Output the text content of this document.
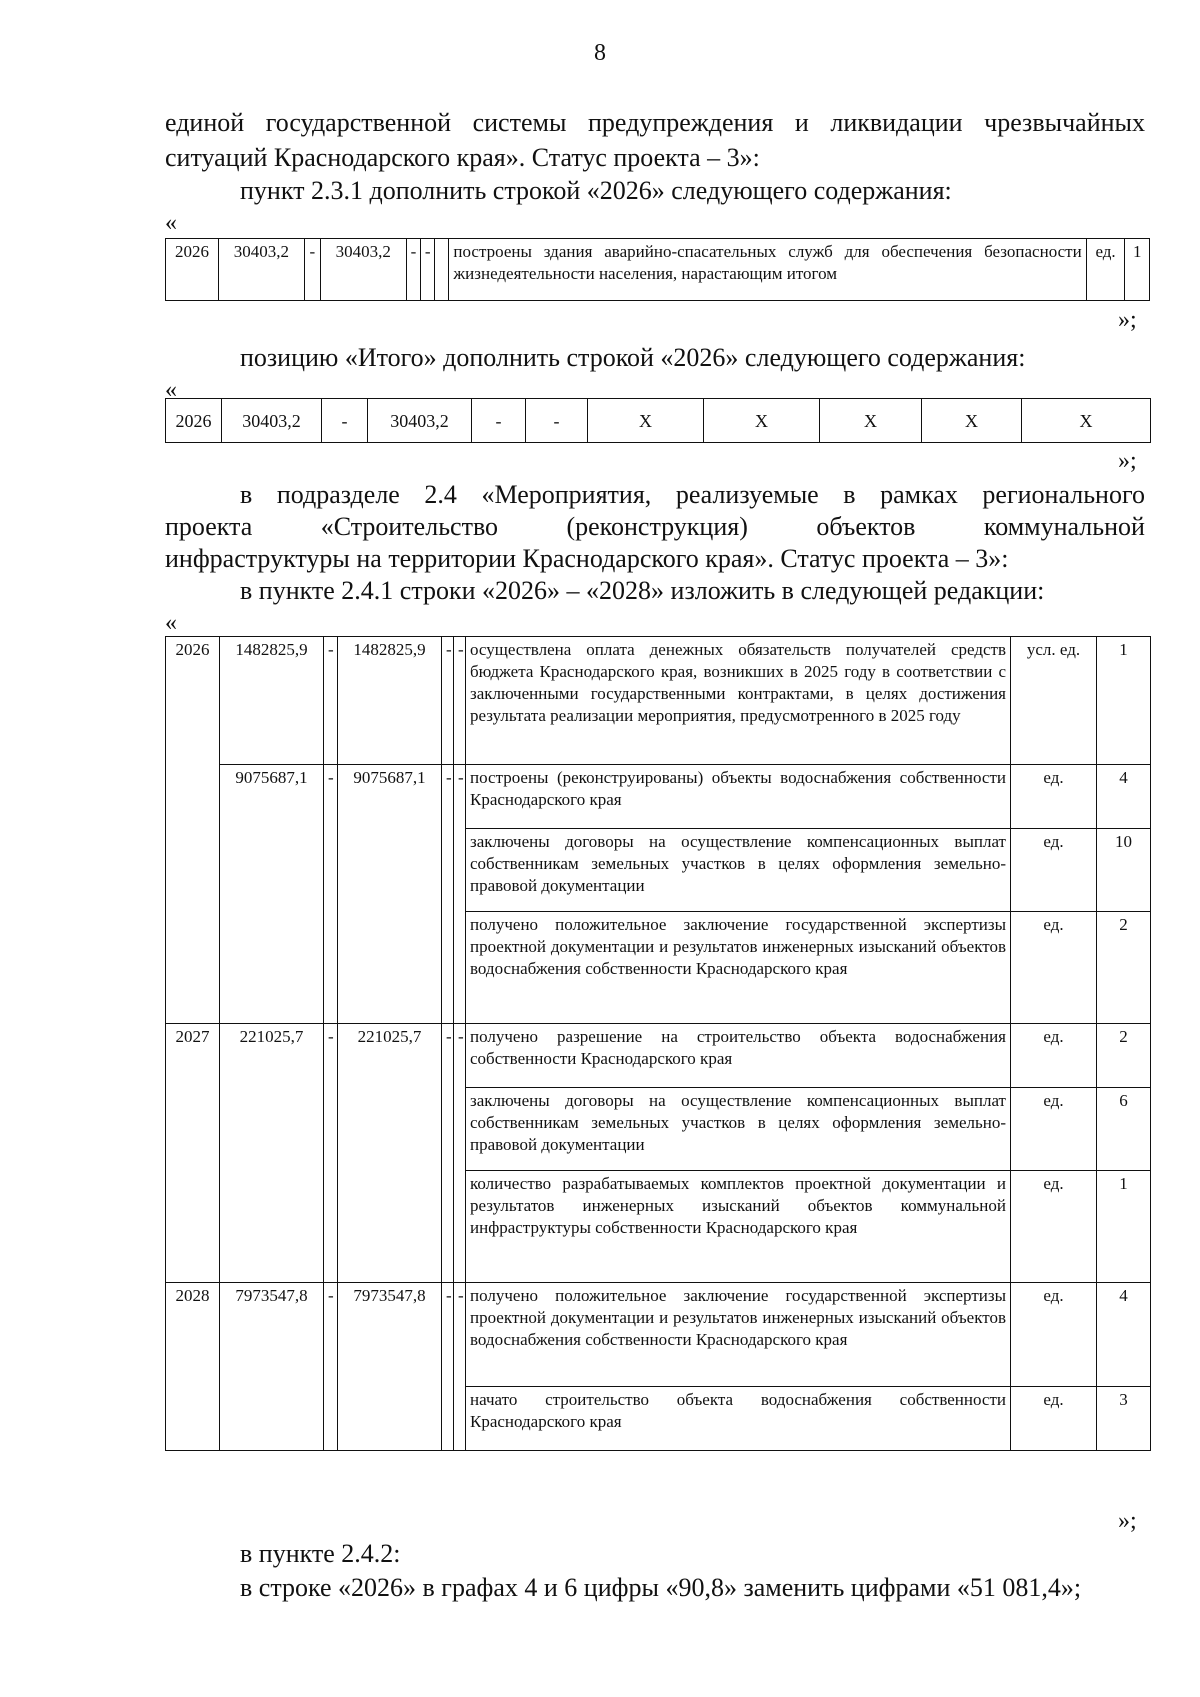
8
единой государственной системы предупреждения и ликвидации чрезвычайных
ситуаций Краснодарского края». Статус проекта – 3»:
пункт 2.3.1 дополнить строкой «2026» следующего содержания:
«
2026	30403,2	-	30403,2	-	-		построены здания аварийно-спасательных служб для обеспечения безопасности жизнедеятельности населения, нарастающим итогом	ед.	1
»;
позицию «Итого» дополнить строкой «2026» следующего содержания:
«
2026	30403,2	-	30403,2	-	-	X	X	X	X	X
»;
в подразделе 2.4 «Мероприятия, реализуемые в рамках регионального
проекта	«Строительство	(реконструкция)	объектов	коммунальной
инфраструктуры на территории Краснодарского края». Статус проекта – 3»:
в пункте 2.4.1 строки «2026» – «2028» изложить в следующей редакции:
«
2026	1482825,9	-	1482825,9	-	-	осуществлена оплата денежных обязательств получателей средств бюджета Краснодарского края, возникших в 2025 году в соответствии с заключенными государственными контрактами, в целях достижения результата реализации мероприятия, предусмотренного в 2025 году	усл. ед.	1
	9075687,1	-	9075687,1	-	-	построены (реконструированы) объекты водоснабжения собственности Краснодарского края	ед.	4
						заключены договоры на осуществление компенсационных выплат собственникам земельных участков в целях оформления земельно-правовой документации	ед.	10
						получено положительное заключение государственной экспертизы проектной документации и результатов инженерных изысканий объектов водоснабжения собственности Краснодарского края	ед.	2
2027	221025,7	-	221025,7	-	-	получено разрешение на строительство объекта водоснабжения собственности Краснодарского края	ед.	2
						заключены договоры на осуществление компенсационных выплат собственникам земельных участков в целях оформления земельно-правовой документации	ед.	6
						количество разрабатываемых комплектов проектной документации и результатов инженерных изысканий объектов коммунальной инфраструктуры собственности Краснодарского края	ед.	1
2028	7973547,8	-	7973547,8	-	-	получено положительное заключение государственной экспертизы проектной документации и результатов инженерных изысканий объектов водоснабжения собственности Краснодарского края	ед.	4
						начато строительство объекта водоснабжения собственности Краснодарского края	ед.	3
»;
в пункте 2.4.2:
в строке «2026» в графах 4 и 6 цифры «90,8» заменить цифрами «51 081,4»;
